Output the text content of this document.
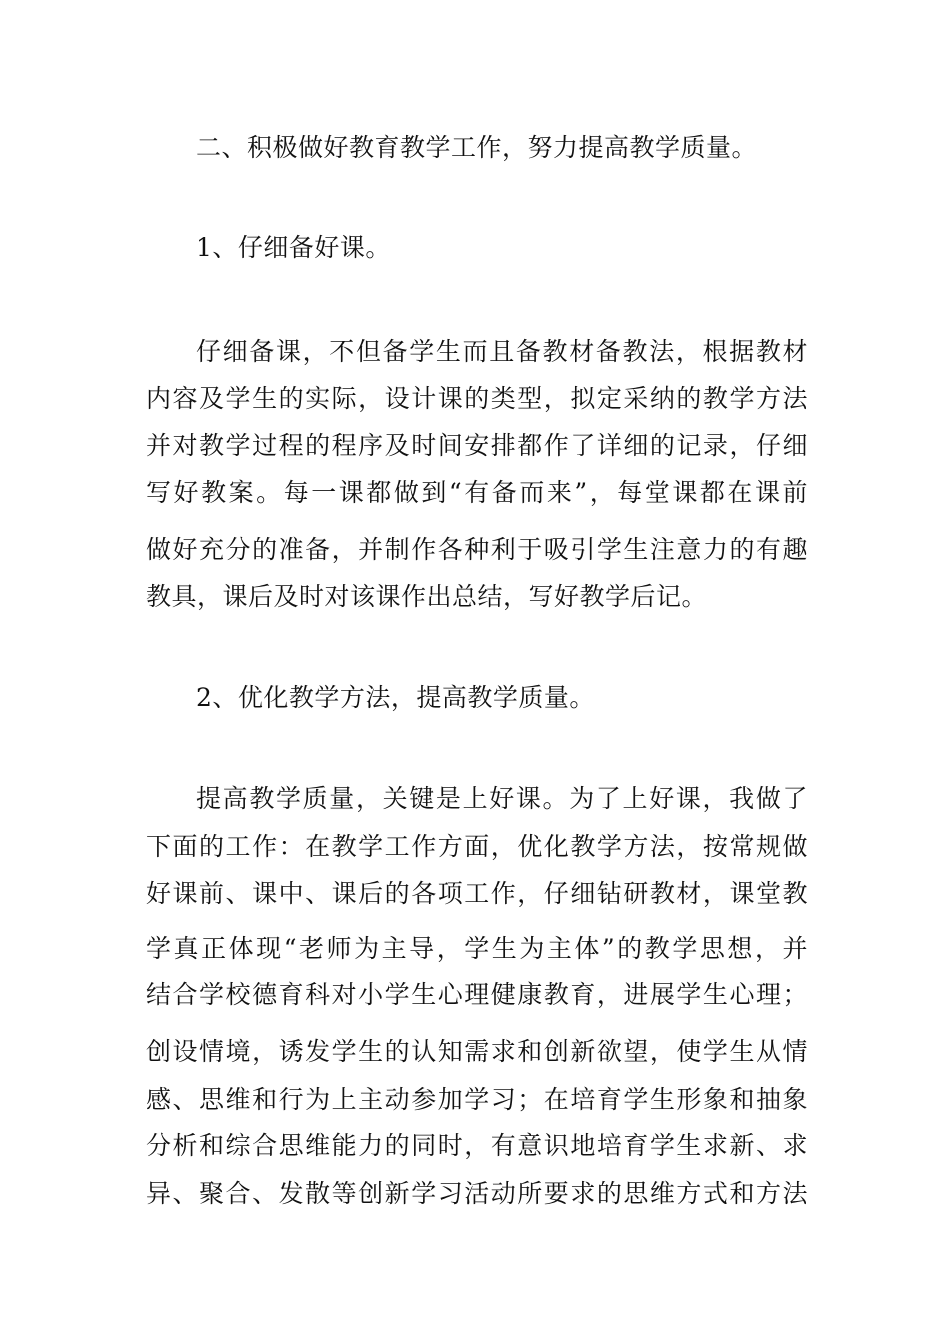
二、积极做好教育教学工作，努力提高教学质量。
1、仔细备好课。
仔细备课，不但备学生而且备教材备教法，根据教材
内容及学生的实际，设计课的类型，拟定采纳的教学方法
并对教学过程的程序及时间安排都作了详细的记录，仔细
写好教案。每一课都做到“有备而来”，每堂课都在课前
做好充分的准备，并制作各种利于吸引学生注意力的有趣
教具，课后及时对该课作出总结，写好教学后记。
2、优化教学方法，提高教学质量。
提高教学质量，关键是上好课。为了上好课，我做了
下面的工作：在教学工作方面，优化教学方法，按常规做
好课前、课中、课后的各项工作，仔细钻研教材，课堂教
学真正体现“老师为主导，学生为主体”的教学思想，并
结合学校德育科对小学生心理健康教育，进展学生心理；
创设情境，诱发学生的认知需求和创新欲望，使学生从情
感、思维和行为上主动参加学习；在培育学生形象和抽象
分析和综合思维能力的同时，有意识地培育学生求新、求
异、聚合、发散等创新学习活动所要求的思维方式和方法
